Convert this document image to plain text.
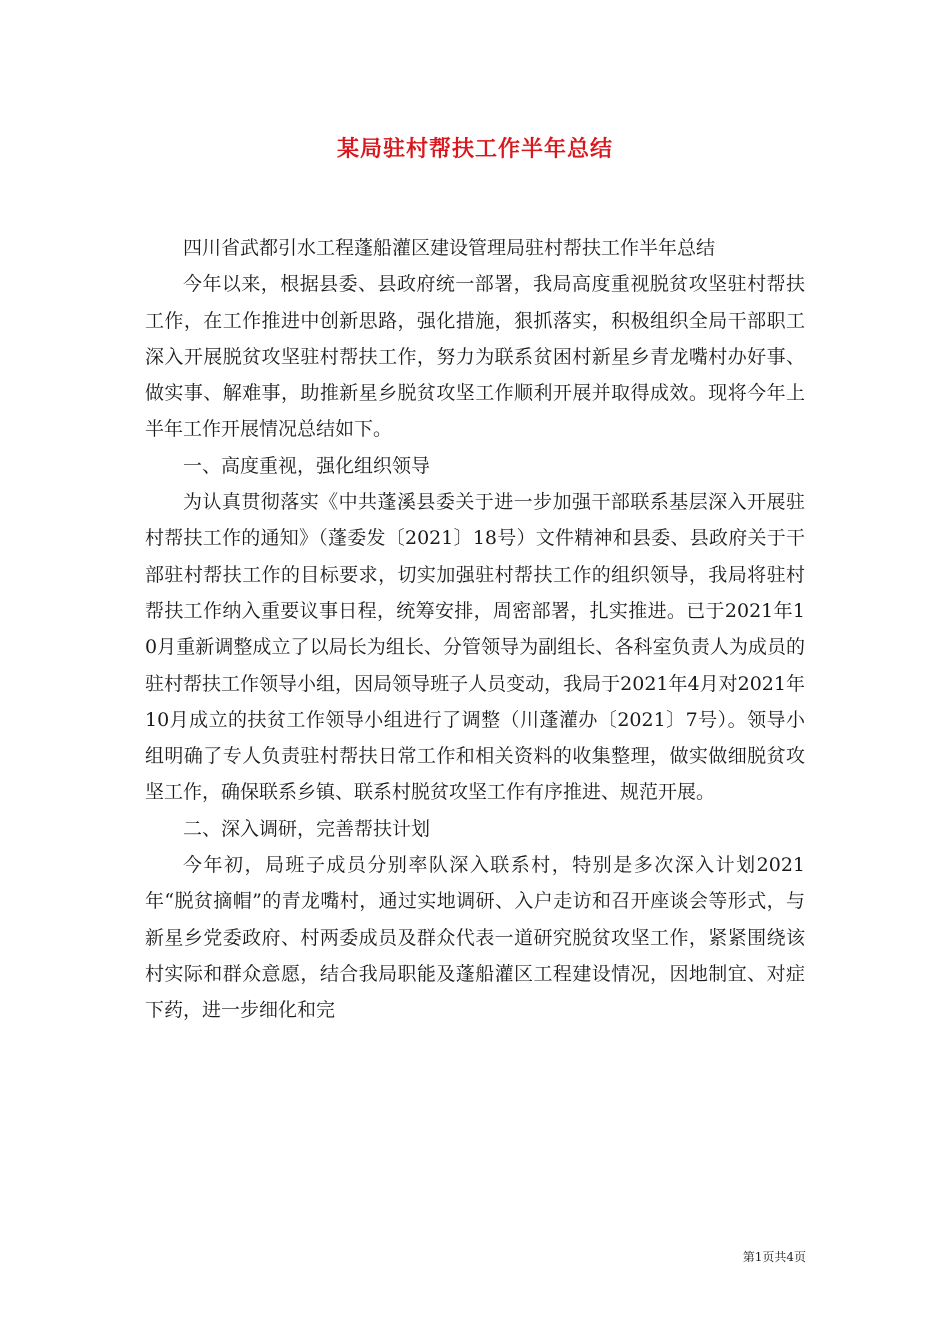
某局驻村帮扶工作半年总结

四川省武都引水工程蓬船灌区建设管理局驻村帮扶工作半年总结

今年以来，根据县委、县政府统一部署，我局高度重视脱贫攻坚驻村帮扶工作，在工作推进中创新思路，强化措施，狠抓落实，积极组织全局干部职工深入开展脱贫攻坚驻村帮扶工作，努力为联系贫困村新星乡青龙嘴村办好事、做实事、解难事，助推新星乡脱贫攻坚工作顺利开展并取得成效。现将今年上半年工作开展情况总结如下。

一、高度重视，强化组织领导

为认真贯彻落实《中共蓬溪县委关于进一步加强干部联系基层深入开展驻村帮扶工作的通知》（蓬委发〔2021〕18号）文件精神和县委、县政府关于干部驻村帮扶工作的目标要求，切实加强驻村帮扶工作的组织领导，我局将驻村帮扶工作纳入重要议事日程，统筹安排，周密部署，扎实推进。已于2021年10月重新调整成立了以局长为组长、分管领导为副组长、各科室负责人为成员的驻村帮扶工作领导小组，因局领导班子人员变动，我局于2021年4月对2021年10月成立的扶贫工作领导小组进行了调整（川蓬灌办〔2021〕7号）。领导小组明确了专人负责驻村帮扶日常工作和相关资料的收集整理，做实做细脱贫攻坚工作，确保联系乡镇、联系村脱贫攻坚工作有序推进、规范开展。

二、深入调研，完善帮扶计划

今年初，局班子成员分别率队深入联系村，特别是多次深入计划2021年“脱贫摘帽”的青龙嘴村，通过实地调研、入户走访和召开座谈会等形式，与新星乡党委政府、村两委成员及群众代表一道研究脱贫攻坚工作，紧紧围绕该村实际和群众意愿，结合我局职能及蓬船灌区工程建设情况，因地制宜、对症下药，进一步细化和完

第1页共4页
